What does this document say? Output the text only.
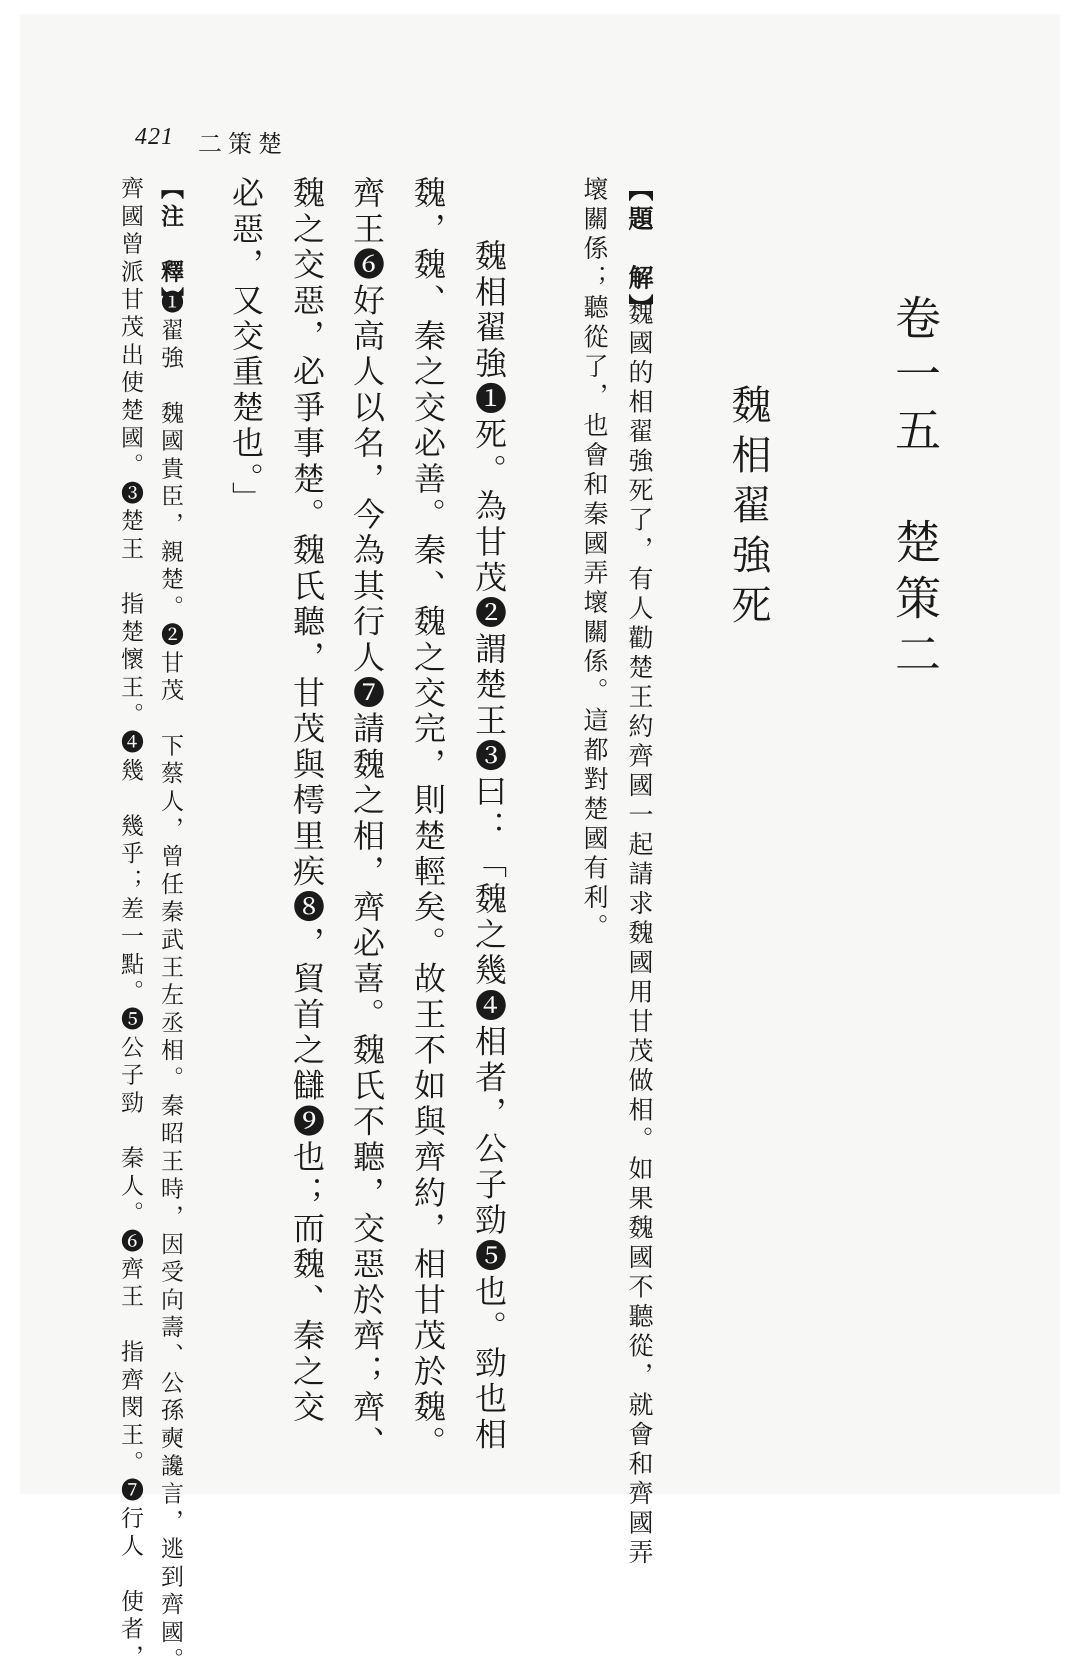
421 二策楚
卷一五　楚策二
魏相翟強死
【題　解】
魏國的相翟強死了，有人勸楚王約齊國一起請求魏國用甘茂做相。如果魏國不聽從，就會和齊國弄
壞關係；聽從了，也會和秦國弄壞關係。這都對楚國有利。
魏相翟強❶死。為甘茂❷謂楚王❸曰：「魏之幾❹相者，公子勁❺也。勁也相
魏，魏、秦之交必善。秦、魏之交完，則楚輕矣。故王不如與齊約，相甘茂於魏。
齊王❻好高人以名，今為其行人❼請魏之相，齊必喜。魏氏不聽，交惡於齊；齊、
魏之交惡，必爭事楚。魏氏聽，甘茂與樗里疾❽，貿首之讎❾也；而魏、秦之交
必惡，又交重楚也。」
【注　釋】
❶翟強　魏國貴臣，親楚。❷甘茂　下蔡人，曾任秦武王左丞相。秦昭王時，因受向壽、公孫奭讒言，逃到齊國。
齊國曾派甘茂出使楚國。❸楚王　指楚懷王。❹幾　幾乎；差一點。❺公子勁　秦人。❻齊王　指齊閔王。❼行人　使者，
